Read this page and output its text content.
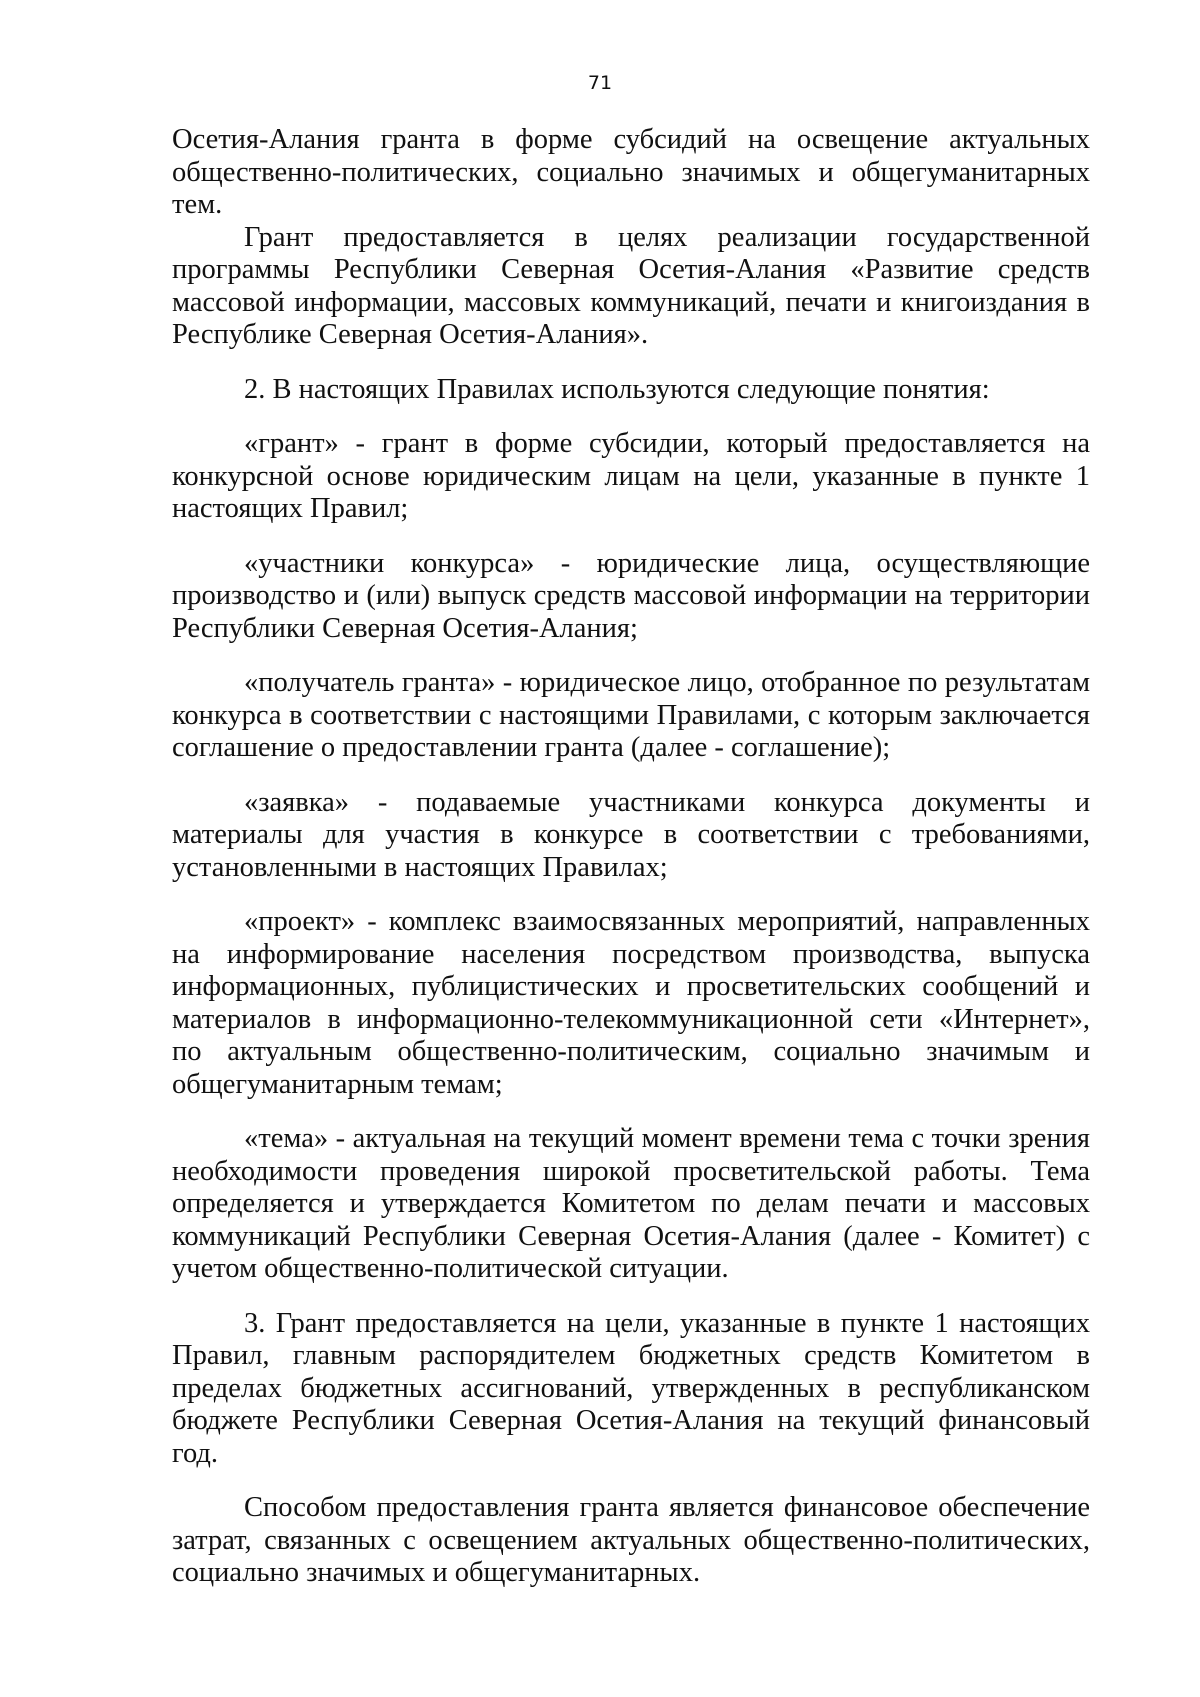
71

Осетия-Алания гранта в форме субсидий на освещение актуальных общественно-политических, социально значимых и общегуманитарных тем.

Грант предоставляется в целях реализации государственной программы Республики Северная Осетия-Алания «Развитие средств массовой информации, массовых коммуникаций, печати и книгоиздания в Республике Северная Осетия-Алания».

2. В настоящих Правилах используются следующие понятия:

«грант» - грант в форме субсидии, который предоставляется на конкурсной основе юридическим лицам на цели, указанные в пункте 1 настоящих Правил;

«участники конкурса» - юридические лица, осуществляющие производство и (или) выпуск средств массовой информации на территории Республики Северная Осетия-Алания;

«получатель гранта» - юридическое лицо, отобранное по результатам конкурса в соответствии с настоящими Правилами, с которым заключается соглашение о предоставлении гранта (далее - соглашение);

«заявка» - подаваемые участниками конкурса документы и материалы для участия в конкурсе в соответствии с требованиями, установленными в настоящих Правилах;

«проект» - комплекс взаимосвязанных мероприятий, направленных на информирование населения посредством производства, выпуска информационных, публицистических и просветительских сообщений и материалов в информационно-телекоммуникационной сети «Интернет», по актуальным общественно-политическим, социально значимым и общегуманитарным темам;

«тема» - актуальная на текущий момент времени тема с точки зрения необходимости проведения широкой просветительской работы. Тема определяется и утверждается Комитетом по делам печати и массовых коммуникаций Республики Северная Осетия-Алания (далее - Комитет) с учетом общественно-политической ситуации.

3. Грант предоставляется на цели, указанные в пункте 1 настоящих Правил, главным распорядителем бюджетных средств Комитетом в пределах бюджетных ассигнований, утвержденных в республиканском бюджете Республики Северная Осетия-Алания на текущий финансовый год.

Способом предоставления гранта является финансовое обеспечение затрат, связанных с освещением актуальных общественно-политических, социально значимых и общегуманитарных.
